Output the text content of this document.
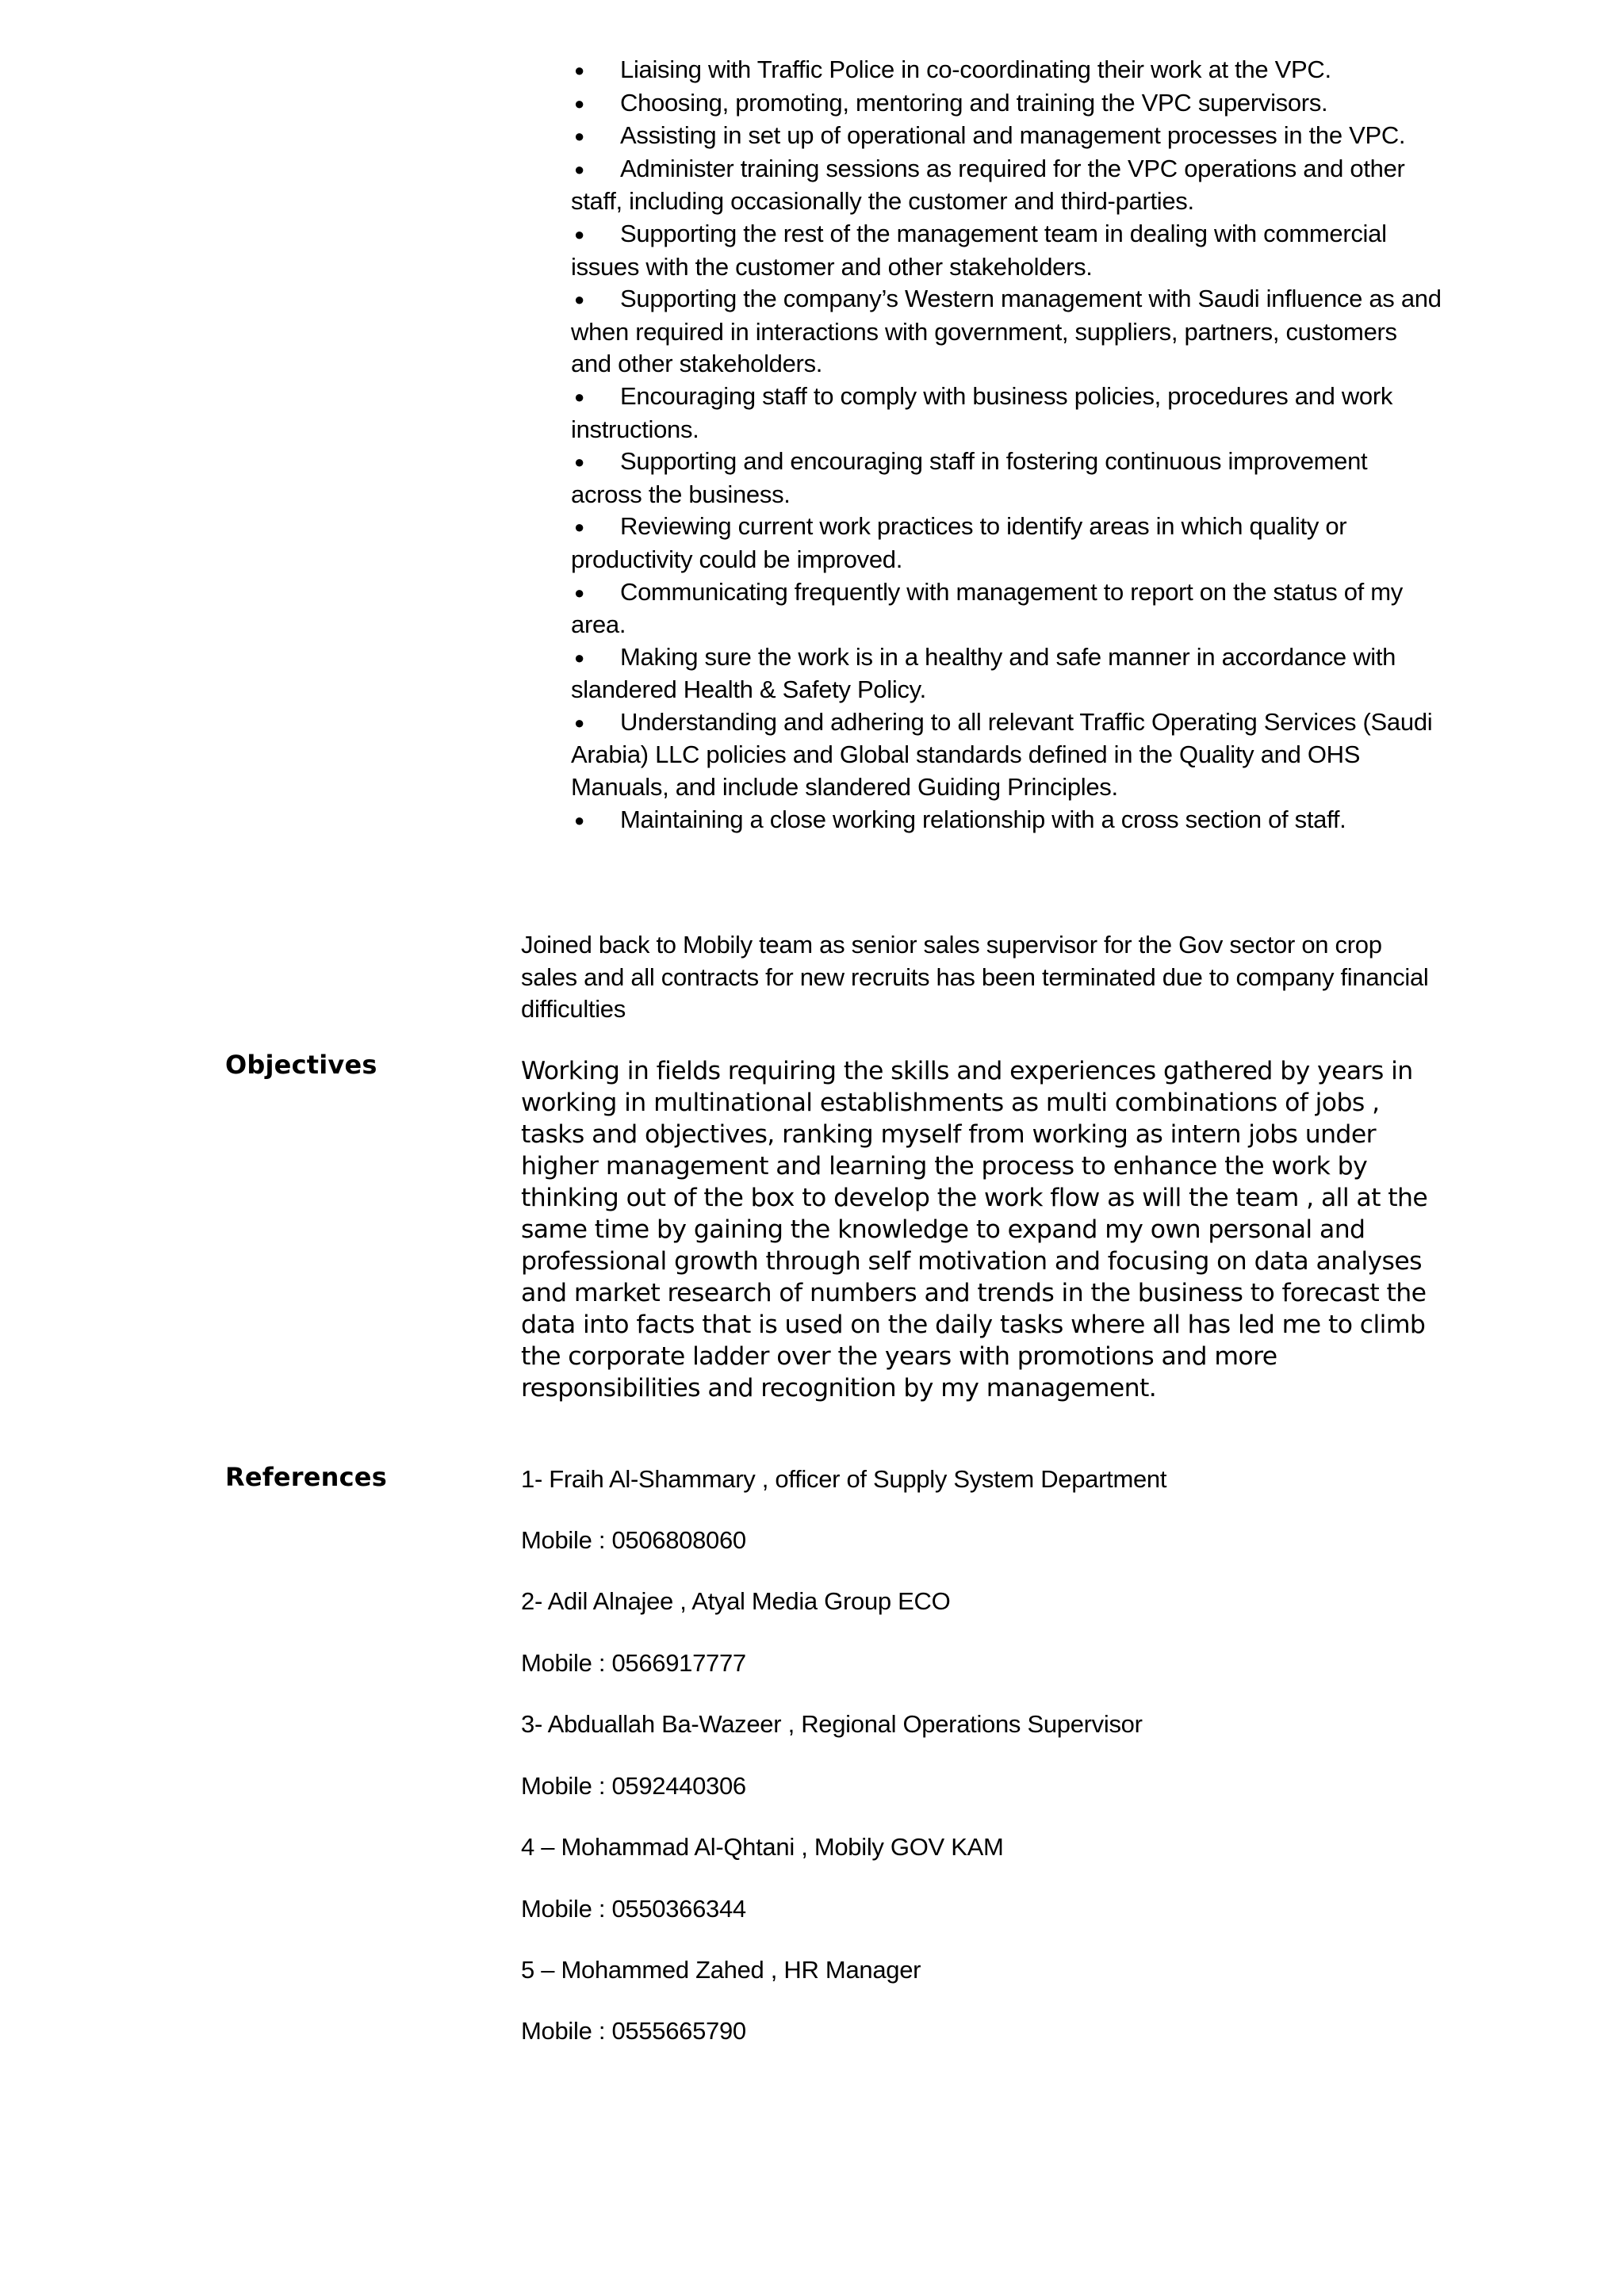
● Liaising with Traffic Police in co-coordinating their work at the VPC.
● Choosing, promoting, mentoring and training the VPC supervisors.
● Assisting in set up of operational and management processes in the VPC.
● Administer training sessions as required for the VPC operations and other staff, including occasionally the customer and third-parties.
● Supporting the rest of the management team in dealing with commercial issues with the customer and other stakeholders.
● Supporting the company’s Western management with Saudi influence as and when required in interactions with government, suppliers, partners, customers and other stakeholders.
● Encouraging staff to comply with business policies, procedures and work instructions.
● Supporting and encouraging staff in fostering continuous improvement across the business.
● Reviewing current work practices to identify areas in which quality or productivity could be improved.
● Communicating frequently with management to report on the status of my area.
● Making sure the work is in a healthy and safe manner in accordance with slandered Health & Safety Policy.
● Understanding and adhering to all relevant Traffic Operating Services (Saudi Arabia) LLC policies and Global standards defined in the Quality and OHS Manuals, and include slandered Guiding Principles.
● Maintaining a close working relationship with a cross section of staff.

Joined back to Mobily team as senior sales supervisor for the Gov sector on crop sales and all contracts for new recruits has been terminated due to company financial difficulties

Objectives	Working in fields requiring the skills and experiences gathered by years in working in multinational establishments as multi combinations of jobs , tasks and objectives, ranking myself from working as intern jobs under higher management and learning the process to enhance the work by thinking out of the box to develop the work flow as will the team , all at the same time by gaining the knowledge to expand my own personal and professional growth through self motivation and focusing on data analyses and market research of numbers and trends in the business to forecast the data into facts that is used on the daily tasks where all has led me to climb the corporate ladder over the years with promotions and more responsibilities and recognition by my management.

References	1- Fraih Al-Shammary , officer of Supply System Department

Mobile : 0506808060

2- Adil Alnajee , Atyal Media Group ECO

Mobile : 0566917777

3- Abduallah Ba-Wazeer , Regional Operations Supervisor

Mobile : 0592440306

4 – Mohammad Al-Qhtani , Mobily GOV KAM

Mobile : 0550366344

5 – Mohammed Zahed , HR Manager

Mobile : 0555665790
